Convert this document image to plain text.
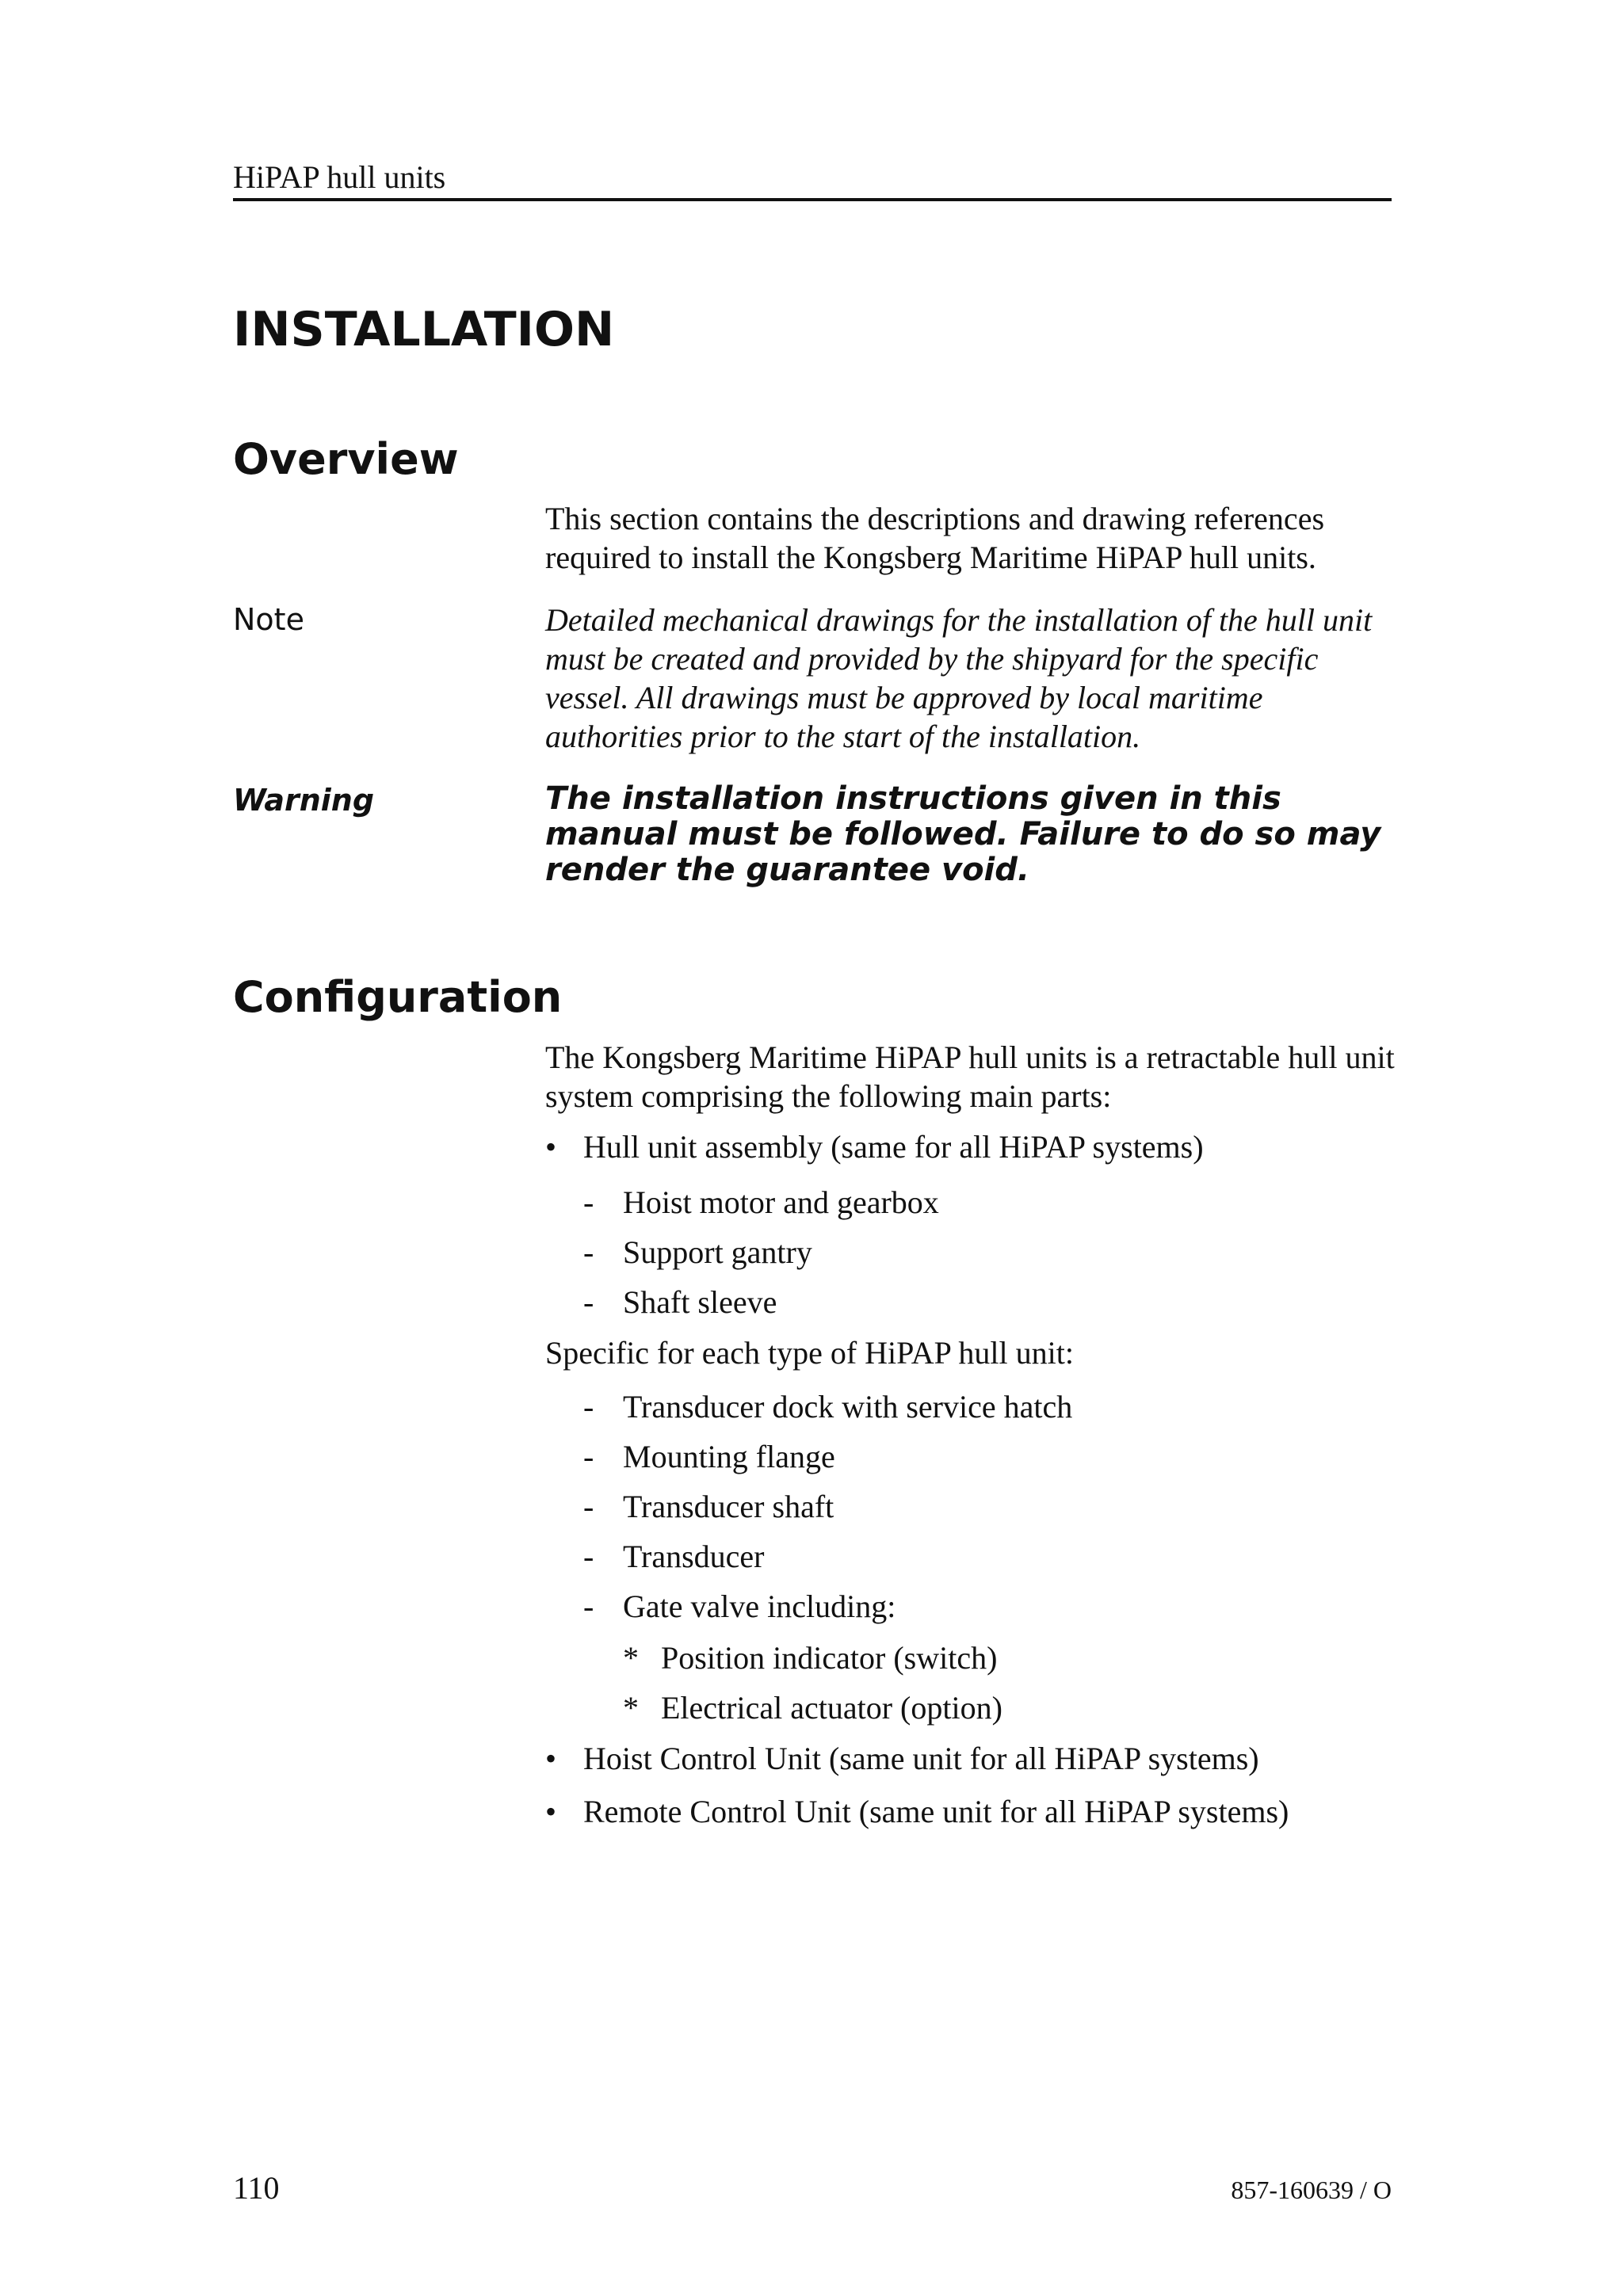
HiPAP hull units
INSTALLATION
Overview
This section contains the descriptions and drawing references required to install the Kongsberg Maritime HiPAP hull units.
Note	Detailed mechanical drawings for the installation of the hull unit must be created and provided by the shipyard for the specific vessel. All drawings must be approved by local maritime authorities prior to the start of the installation.
Warning	The installation instructions given in this manual must be followed. Failure to do so may render the guarantee void.
Configuration
The Kongsberg Maritime HiPAP hull units is a retractable hull unit system comprising the following main parts:
• Hull unit assembly (same for all HiPAP systems)
- Hoist motor and gearbox
- Support gantry
- Shaft sleeve
Specific for each type of HiPAP hull unit:
- Transducer dock with service hatch
- Mounting flange
- Transducer shaft
- Transducer
- Gate valve including:
* Position indicator (switch)
* Electrical actuator (option)
• Hoist Control Unit (same unit for all HiPAP systems)
• Remote Control Unit (same unit for all HiPAP systems)
110	857-160639 / O
